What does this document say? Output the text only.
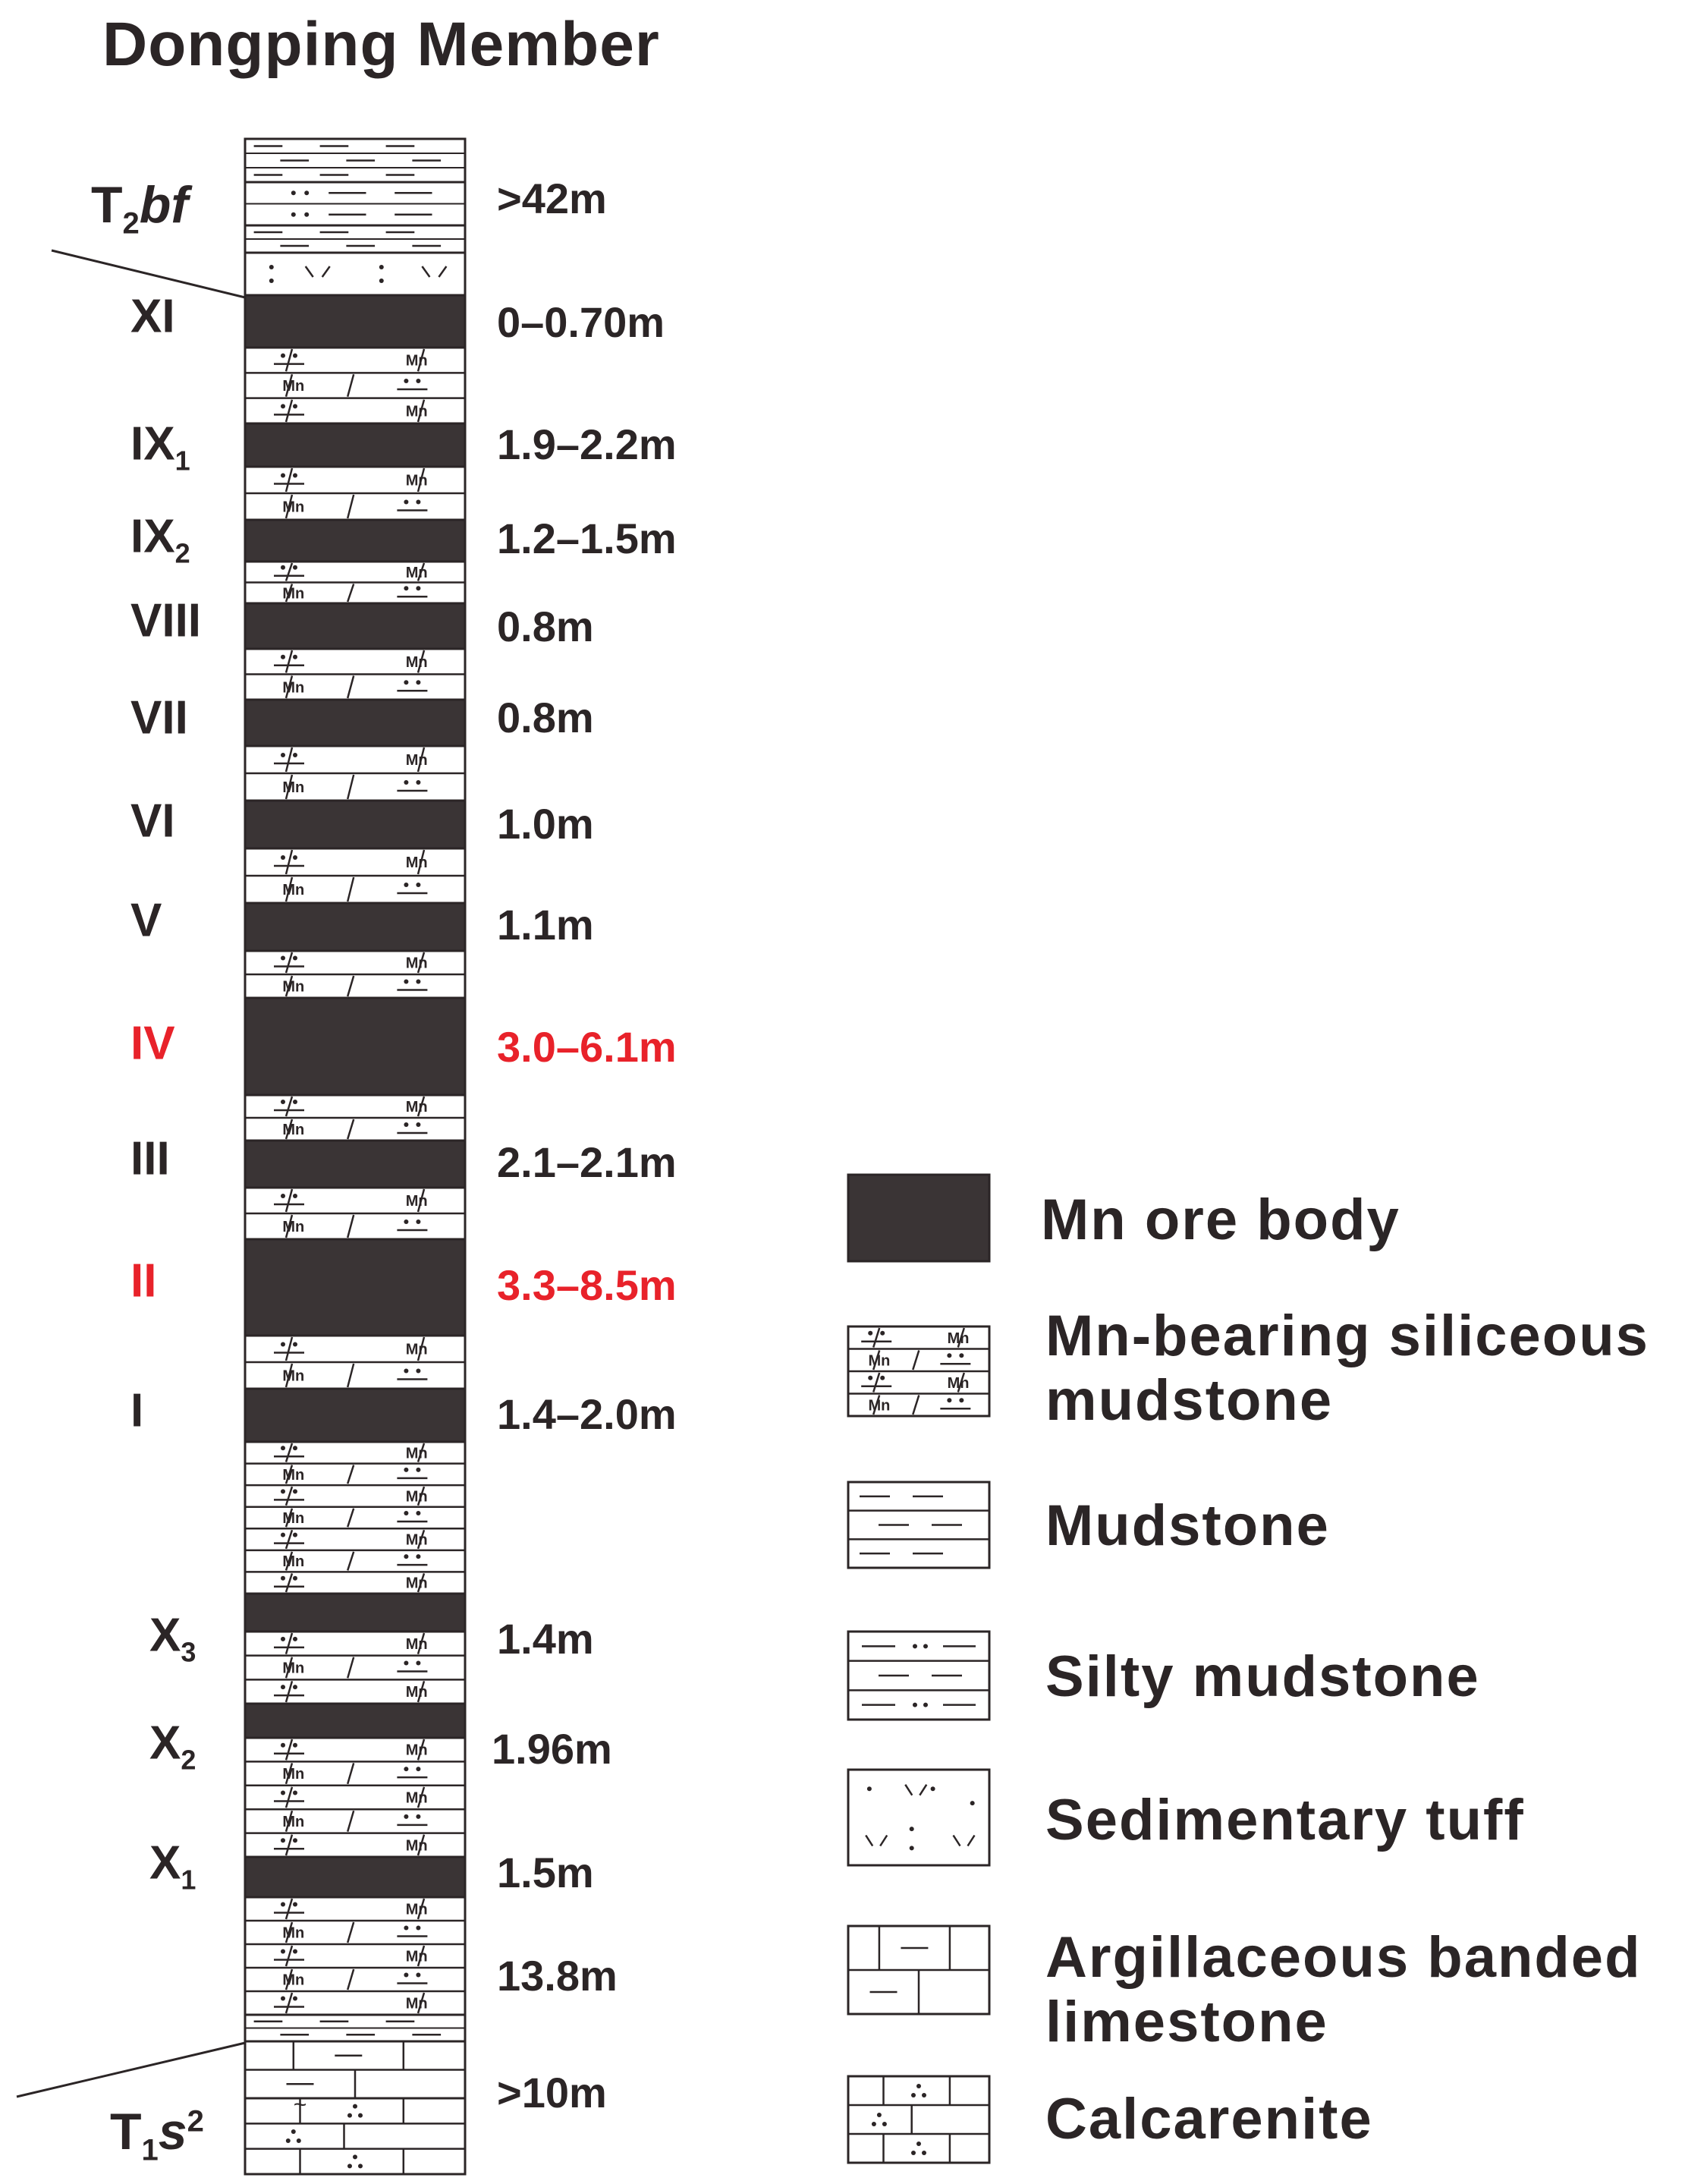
Dongping Member
Mn
Mn
Mn
Mn
Mn
Mn
Mn
Mn
Mn
Mn
Mn
Mn
Mn
Mn
Mn
Mn
Mn
Mn
Mn
Mn
Mn
Mn
Mn
Mn
Mn
Mn
Mn
Mn
Mn
Mn
Mn
Mn
Mn
Mn
Mn
Mn
Mn
Mn
Mn
Mn
Mn
~
Mn
Mn
Mn
Mn
$T_2bf$
$T_1s^2$
>42m
13.8m
>10m
XI	0–0.70m
$IX_1$	1.9–2.2m
$IX_2$	1.2–1.5m
VIII	0.8m
VII	0.8m
VI	1.0m
V	1.1m
IV	3.0–6.1m
III	2.1–2.1m
II	3.3–8.5m
I	1.4–2.0m
$X_3$	1.4m
$X_2$	1.96m
$X_1$	1.5m
Mn ore body
Mn-bearing siliceous mudstone
Mudstone
Silty mudstone
Sedimentary tuff
Argillaceous banded limestone
Calcarenite
